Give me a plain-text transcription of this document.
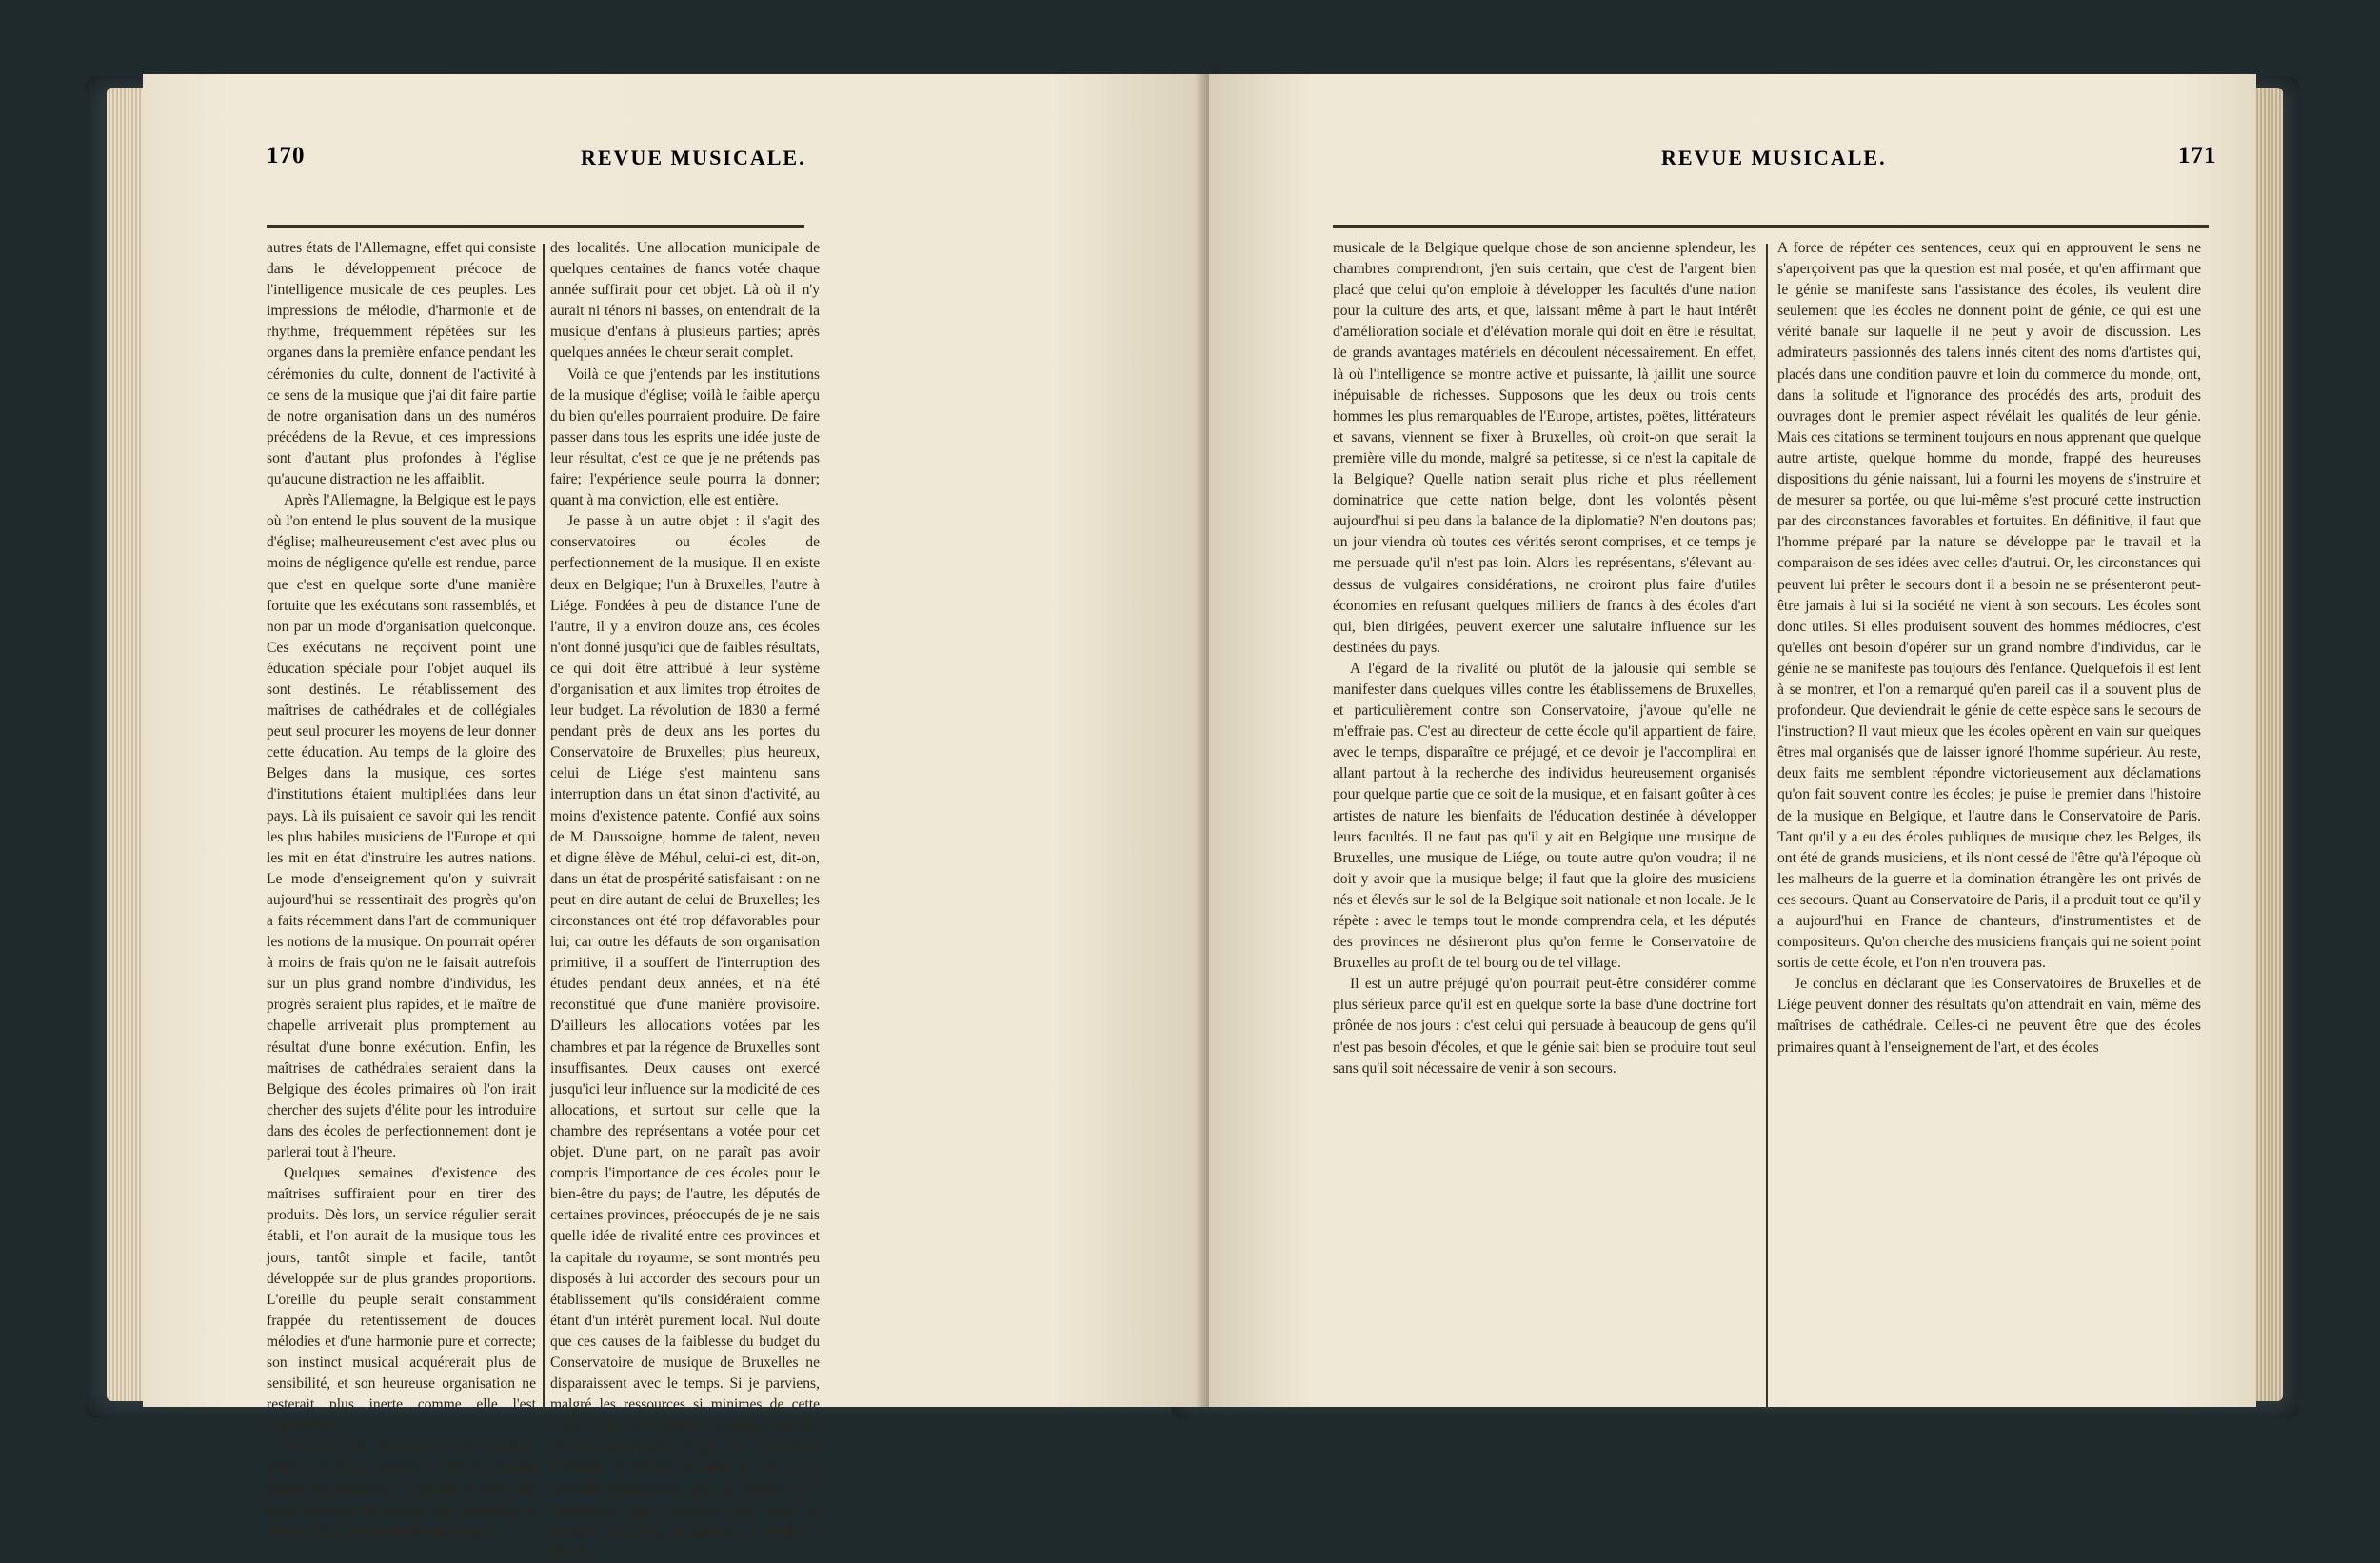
170	REVUE MUSICALE.

autres états de l'Allemagne, effet qui consiste dans le développement précoce de l'intelligence musicale de ces peuples. Les impressions de mélodie, d'harmonie et de rhythme, fréquemment répétées sur les organes dans la première enfance pendant les cérémonies du culte, donnent de l'activité à ce sens de la musique que j'ai dit faire partie de notre organisation dans un des numéros précédens de la Revue, et ces impressions sont d'autant plus profondes à l'église qu'aucune distraction ne les affaiblit.

Après l'Allemagne, la Belgique est le pays où l'on entend le plus souvent de la musique d'église; malheureusement c'est avec plus ou moins de négligence qu'elle est rendue, parce que c'est en quelque sorte d'une manière fortuite que les exécutans sont rassemblés, et non par un mode d'organisation quelconque. Ces exécutans ne reçoivent point une éducation spéciale pour l'objet auquel ils sont destinés. Le rétablissement des maîtrises de cathédrales et de collégiales peut seul procurer les moyens de leur donner cette éducation. Au temps de la gloire des Belges dans la musique, ces sortes d'institutions étaient multipliées dans leur pays. Là ils puisaient ce savoir qui les rendit les plus habiles musiciens de l'Europe et qui les mit en état d'instruire les autres nations. Le mode d'enseignement qu'on y suivrait aujourd'hui se ressentirait des progrès qu'on a faits récemment dans l'art de communiquer les notions de la musique. On pourrait opérer à moins de frais qu'on ne le faisait autrefois sur un plus grand nombre d'individus, les progrès seraient plus rapides, et le maître de chapelle arriverait plus promptement au résultat d'une bonne exécution. Enfin, les maîtrises de cathédrales seraient dans la Belgique des écoles primaires où l'on irait chercher des sujets d'élite pour les introduire dans des écoles de perfectionnement dont je parlerai tout à l'heure.

Quelques semaines d'existence des maîtrises suffiraient pour en tirer des produits. Dès lors, un service régulier serait établi, et l'on aurait de la musique tous les jours, tantôt simple et facile, tantôt développée sur de plus grandes proportions. L'oreille du peuple serait constamment frappée du retentissement de douces mélodies et d'une harmonie pure et correcte; son instinct musical acquérerait plus de sensibilité, et son heureuse organisation ne resterait plus inerte comme elle l'est aujourd'hui.

Dans les villes de second et de troisième ordre, que dis-je? partout où l'on ne pourrait établir des maîtrises, il pourrait y avoir une école primaire de musique qui remplirait le même office, en raison de l'importance

des localités. Une allocation municipale de quelques centaines de francs votée chaque année suffirait pour cet objet. Là où il n'y aurait ni ténors ni basses, on entendrait de la musique d'enfans à plusieurs parties; après quelques années le chœur serait complet.

Voilà ce que j'entends par les institutions de la musique d'église; voilà le faible aperçu du bien qu'elles pourraient produire. De faire passer dans tous les esprits une idée juste de leur résultat, c'est ce que je ne prétends pas faire; l'expérience seule pourra la donner; quant à ma conviction, elle est entière.

Je passe à un autre objet : il s'agit des conservatoires ou écoles de perfectionnement de la musique. Il en existe deux en Belgique; l'un à Bruxelles, l'autre à Liége. Fondées à peu de distance l'une de l'autre, il y a environ douze ans, ces écoles n'ont donné jusqu'ici que de faibles résultats, ce qui doit être attribué à leur système d'organisation et aux limites trop étroites de leur budget. La révolution de 1830 a fermé pendant près de deux ans les portes du Conservatoire de Bruxelles; plus heureux, celui de Liége s'est maintenu sans interruption dans un état sinon d'activité, au moins d'existence patente. Confié aux soins de M. Daussoigne, homme de talent, neveu et digne élève de Méhul, celui-ci est, dit-on, dans un état de prospérité satisfaisant : on ne peut en dire autant de celui de Bruxelles; les circonstances ont été trop défavorables pour lui; car outre les défauts de son organisation primitive, il a souffert de l'interruption des études pendant deux années, et n'a été reconstitué que d'une manière provisoire. D'ailleurs les allocations votées par les chambres et par la régence de Bruxelles sont insuffisantes. Deux causes ont exercé jusqu'ici leur influence sur la modicité de ces allocations, et surtout sur celle que la chambre des représentans a votée pour cet objet. D'une part, on ne paraît pas avoir compris l'importance de ces écoles pour le bien-être du pays; de l'autre, les députés de certaines provinces, préoccupés de je ne sais quelle idée de rivalité entre ces provinces et la capitale du royaume, se sont montrés peu disposés à lui accorder des secours pour un établissement qu'ils considéraient comme étant d'un intérêt purement local. Nul doute que ces causes de la faiblesse du budget du Conservatoire de musique de Bruxelles ne disparaissent avec le temps. Si je parviens, malgré les ressources si minimes de cette école, à lui faire produire quelques-uns des résultats que j'espère, et que l'on est en droit d'attendre et d'exiger de moi; si, grâce à la nouvelle organisation que je prépare et à l'émulation que j'exciterai par tous les moyens possibles, je parviens à rendre à l'école

REVUE MUSICALE.	171

musicale de la Belgique quelque chose de son ancienne splendeur, les chambres comprendront, j'en suis certain, que c'est de l'argent bien placé que celui qu'on emploie à développer les facultés d'une nation pour la culture des arts, et que, laissant même à part le haut intérêt d'amélioration sociale et d'élévation morale qui doit en être le résultat, de grands avantages matériels en découlent nécessairement. En effet, là où l'intelligence se montre active et puissante, là jaillit une source inépuisable de richesses. Supposons que les deux ou trois cents hommes les plus remarquables de l'Europe, artistes, poëtes, littérateurs et savans, viennent se fixer à Bruxelles, où croit-on que serait la première ville du monde, malgré sa petitesse, si ce n'est la capitale de la Belgique? Quelle nation serait plus riche et plus réellement dominatrice que cette nation belge, dont les volontés pèsent aujourd'hui si peu dans la balance de la diplomatie? N'en doutons pas; un jour viendra où toutes ces vérités seront comprises, et ce temps je me persuade qu'il n'est pas loin. Alors les représentans, s'élevant au-dessus de vulgaires considérations, ne croiront plus faire d'utiles économies en refusant quelques milliers de francs à des écoles d'art qui, bien dirigées, peuvent exercer une salutaire influence sur les destinées du pays.

A l'égard de la rivalité ou plutôt de la jalousie qui semble se manifester dans quelques villes contre les établissemens de Bruxelles, et particulièrement contre son Conservatoire, j'avoue qu'elle ne m'effraie pas. C'est au directeur de cette école qu'il appartient de faire, avec le temps, disparaître ce préjugé, et ce devoir je l'accomplirai en allant partout à la recherche des individus heureusement organisés pour quelque partie que ce soit de la musique, et en faisant goûter à ces artistes de nature les bienfaits de l'éducation destinée à développer leurs facultés. Il ne faut pas qu'il y ait en Belgique une musique de Bruxelles, une musique de Liége, ou toute autre qu'on voudra; il ne doit y avoir que la musique belge; il faut que la gloire des musiciens nés et élevés sur le sol de la Belgique soit nationale et non locale. Je le répète : avec le temps tout le monde comprendra cela, et les députés des provinces ne désireront plus qu'on ferme le Conservatoire de Bruxelles au profit de tel bourg ou de tel village.

Il est un autre préjugé qu'on pourrait peut-être considérer comme plus sérieux parce qu'il est en quelque sorte la base d'une doctrine fort prônée de nos jours : c'est celui qui persuade à beaucoup de gens qu'il n'est pas besoin d'écoles, et que le génie sait bien se produire tout seul sans qu'il soit nécessaire de venir à son secours.

A force de répéter ces sentences, ceux qui en approuvent le sens ne s'aperçoivent pas que la question est mal posée, et qu'en affirmant que le génie se manifeste sans l'assistance des écoles, ils veulent dire seulement que les écoles ne donnent point de génie, ce qui est une vérité banale sur laquelle il ne peut y avoir de discussion. Les admirateurs passionnés des talens innés citent des noms d'artistes qui, placés dans une condition pauvre et loin du commerce du monde, ont, dans la solitude et l'ignorance des procédés des arts, produit des ouvrages dont le premier aspect révélait les qualités de leur génie. Mais ces citations se terminent toujours en nous apprenant que quelque autre artiste, quelque homme du monde, frappé des heureuses dispositions du génie naissant, lui a fourni les moyens de s'instruire et de mesurer sa portée, ou que lui-même s'est procuré cette instruction par des circonstances favorables et fortuites. En définitive, il faut que l'homme préparé par la nature se développe par le travail et la comparaison de ses idées avec celles d'autrui. Or, les circonstances qui peuvent lui prêter le secours dont il a besoin ne se présenteront peut-être jamais à lui si la société ne vient à son secours. Les écoles sont donc utiles. Si elles produisent souvent des hommes médiocres, c'est qu'elles ont besoin d'opérer sur un grand nombre d'individus, car le génie ne se manifeste pas toujours dès l'enfance. Quelquefois il est lent à se montrer, et l'on a remarqué qu'en pareil cas il a souvent plus de profondeur. Que deviendrait le génie de cette espèce sans le secours de l'instruction? Il vaut mieux que les écoles opèrent en vain sur quelques êtres mal organisés que de laisser ignoré l'homme supérieur. Au reste, deux faits me semblent répondre victorieusement aux déclamations qu'on fait souvent contre les écoles; je puise le premier dans l'histoire de la musique en Belgique, et l'autre dans le Conservatoire de Paris. Tant qu'il y a eu des écoles publiques de musique chez les Belges, ils ont été de grands musiciens, et ils n'ont cessé de l'être qu'à l'époque où les malheurs de la guerre et la domination étrangère les ont privés de ces secours. Quant au Conservatoire de Paris, il a produit tout ce qu'il y a aujourd'hui en France de chanteurs, d'instrumentistes et de compositeurs. Qu'on cherche des musiciens français qui ne soient point sortis de cette école, et l'on n'en trouvera pas.

Je conclus en déclarant que les Conservatoires de Bruxelles et de Liége peuvent donner des résultats qu'on attendrait en vain, même des maîtrises de cathédrale. Celles-ci ne peuvent être que des écoles primaires quant à l'enseignement de l'art, et des écoles
